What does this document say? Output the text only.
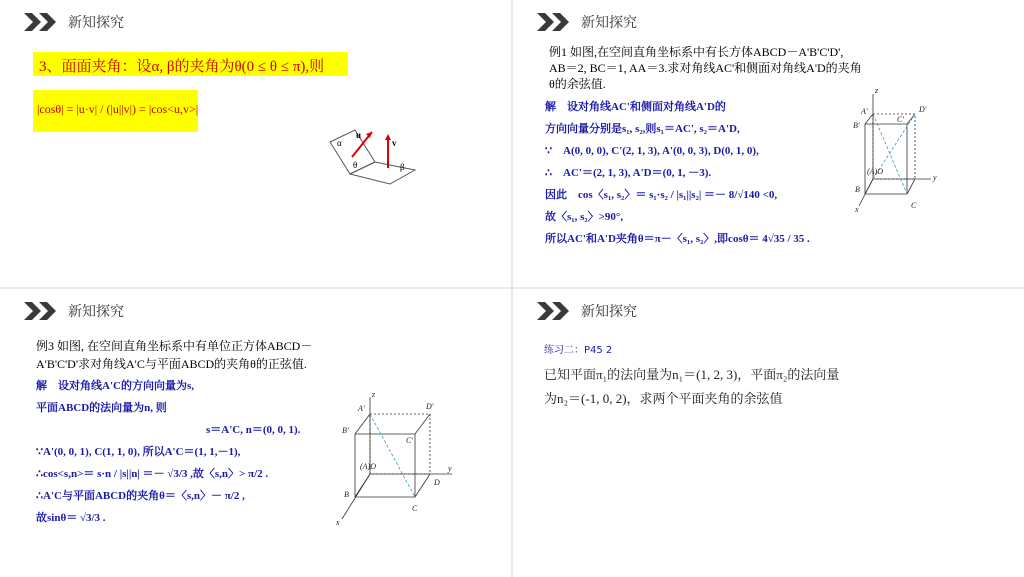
新知探究
3、面面夹角：设α, β的夹角为θ(0 ≤ θ ≤ π),则
|cosθ| = |u·v| / (|u||v|) = |cos<u,v>|
u
v
α
β
θ
新知探究
例1 如图,在空间直角坐标系中有长方体ABCD－A'B'C'D',
AB＝2, BC＝1, AA＝3.求对角线AC'和侧面对角线A'D的夹角
θ的余弦值.
解　设对角线AC'和侧面对角线A'D的
方向向量分别是s₁, s₂,则s₁＝AC', s₂＝A'D,
∵　A(0, 0, 0), C'(2, 1, 3), A'(0, 0, 3), D(0, 1, 0),
∴　AC'＝(2, 1, 3), A'D＝(0, 1, －3).
因此　cos〈s₁, s₂〉＝ s₁·s₂ / |s₁||s₂| ＝－ 8/√140 <0,
故〈s₁, s₂〉>90°,
所以AC'和A'D夹角θ＝π－〈s₁, s₂〉,即cosθ＝ 4√35 / 35 .
z
A'	D'
B'
C'
(A)O
B
C
y
x
新知探究
例3 如图, 在空间直角坐标系中有单位正方体ABCD－
A'B'C'D'求对角线A'C与平面ABCD的夹角θ的正弦值.
解　设对角线A'C的方向向量为s,
平面ABCD的法向量为n, 则
s＝A'C, n＝(0, 0, 1).
∵A'(0, 0, 1), C(1, 1, 0), 所以A'C＝(1, 1,－1),
∴cos<s,n>＝ s·n / |s||n| ＝－ √3/3 ,故〈s,n〉> π/2 .
∴A'C与平面ABCD的夹角θ＝〈s,n〉－ π/2 ,
故sinθ＝ √3/3 .
z
A'	D'
B'
C'
(A)O
D
y
B
C
x
新知探究
练习二：P45 2
已知平面π₁的法向量为n₁＝(1, 2, 3)，平面π₂的法向量
为n₂＝(-1, 0, 2)，求两个平面夹角的余弦值
